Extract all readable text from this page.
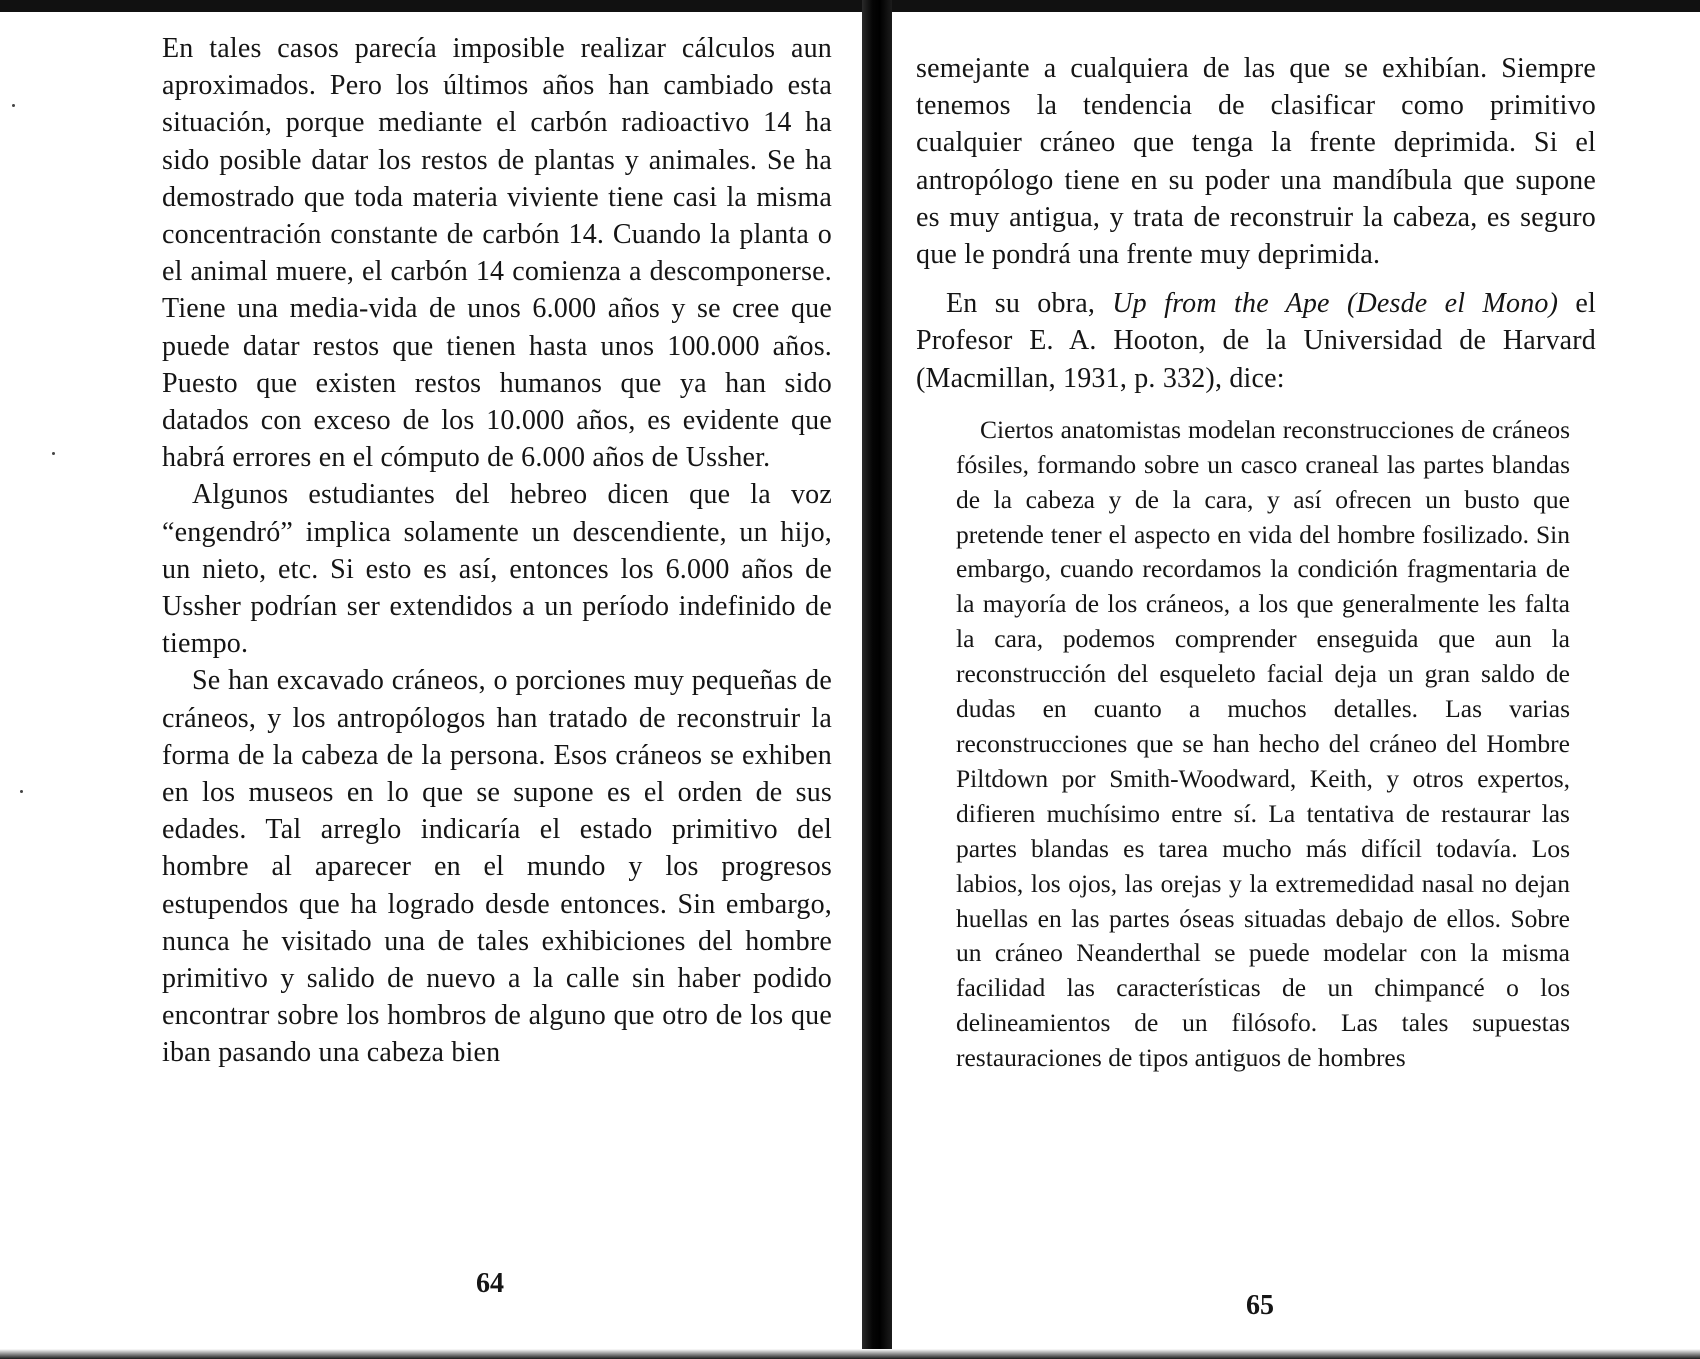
En tales casos parecía imposible realizar cálculos aun aproximados. Pero los últimos años han cambiado esta situación, porque mediante el carbón radioactivo 14 ha sido posible datar los restos de plantas y animales. Se ha demostrado que toda materia viviente tiene casi la misma concentración constante de carbón 14. Cuando la planta o el animal muere, el carbón 14 comienza a descomponerse. Tiene una media-vida de unos 6.000 años y se cree que puede datar restos que tienen hasta unos 100.000 años. Puesto que existen restos humanos que ya han sido datados con exceso de los 10.000 años, es evidente que habrá errores en el cómputo de 6.000 años de Ussher.

Algunos estudiantes del hebreo dicen que la voz “engendró” implica solamente un descendiente, un hijo, un nieto, etc. Si esto es así, entonces los 6.000 años de Ussher podrían ser extendidos a un período indefinido de tiempo.

Se han excavado cráneos, o porciones muy pequeñas de cráneos, y los antropólogos han tratado de reconstruir la forma de la cabeza de la persona. Esos cráneos se exhiben en los museos en lo que se supone es el orden de sus edades. Tal arreglo indicaría el estado primitivo del hombre al aparecer en el mundo y los progresos estupendos que ha logrado desde entonces. Sin embargo, nunca he visitado una de tales exhibiciones del hombre primitivo y salido de nuevo a la calle sin haber podido encontrar sobre los hombros de alguno que otro de los que iban pasando una cabeza bien

64

semejante a cualquiera de las que se exhibían. Siempre tenemos la tendencia de clasificar como primitivo cualquier cráneo que tenga la frente deprimida. Si el antropólogo tiene en su poder una mandíbula que supone es muy antigua, y trata de reconstruir la cabeza, es seguro que le pondrá una frente muy deprimida.

En su obra, Up from the Ape (Desde el Mono) el Profesor E. A. Hooton, de la Universidad de Harvard (Macmillan, 1931, p. 332), dice:

Ciertos anatomistas modelan reconstrucciones de cráneos fósiles, formando sobre un casco craneal las partes blandas de la cabeza y de la cara, y así ofrecen un busto que pretende tener el aspecto en vida del hombre fosilizado. Sin embargo, cuando recordamos la condición fragmentaria de la mayoría de los cráneos, a los que generalmente les falta la cara, podemos comprender enseguida que aun la reconstrucción del esqueleto facial deja un gran saldo de dudas en cuanto a muchos detalles. Las varias reconstrucciones que se han hecho del cráneo del Hombre Piltdown por Smith-Woodward, Keith, y otros expertos, difieren muchísimo entre sí. La tentativa de restaurar las partes blandas es tarea mucho más difícil todavía. Los labios, los ojos, las orejas y la extremedidad nasal no dejan huellas en las partes óseas situadas debajo de ellos. Sobre un cráneo Neanderthal se puede modelar con la misma facilidad las características de un chimpancé o los delineamientos de un filósofo. Las tales supuestas restauraciones de tipos antiguos de hombres

65
